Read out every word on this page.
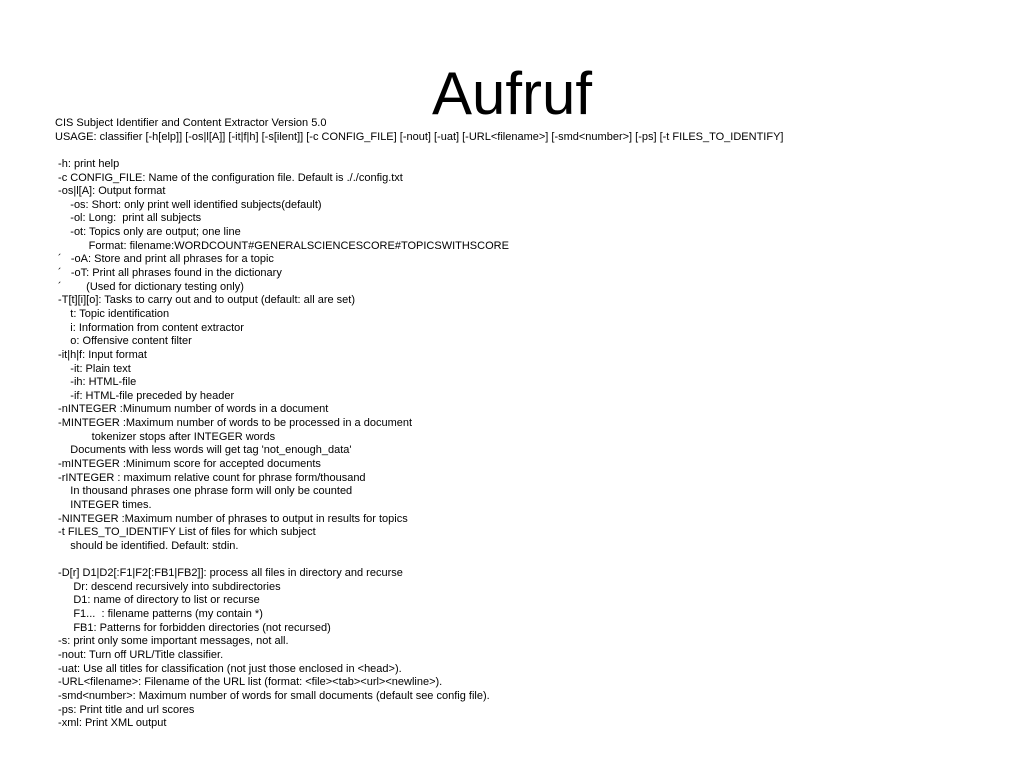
Aufruf
CIS Subject Identifier and Content Extractor Version 5.0
USAGE: classifier [-h[elp]] [-os|l[A]] [-it|f|h] [-s[ilent]] [-c CONFIG_FILE] [-nout] [-uat] [-URL<filename>] [-smd<number>] [-ps] [-t FILES_TO_IDENTIFY]
-h: print help
-c CONFIG_FILE: Name of the configuration file. Default is ././config.txt
-os|l[A]: Output format
-os: Short: only print well identified subjects(default)
-ol: Long:  print all subjects
-ot: Topics only are output; one line
Format: filename:WORDCOUNT#GENERALSCIENCESCORE#TOPICSWITHSCORE
´   -oA: Store and print all phrases for a topic
´   -oT: Print all phrases found in the dictionary
´        (Used for dictionary testing only)
-T[t][i][o]: Tasks to carry out and to output (default: all are set)
t: Topic identification
i: Information from content extractor
o: Offensive content filter
-it|h|f: Input format
-it: Plain text
-ih: HTML-file
-if: HTML-file preceded by header
-nINTEGER :Minumum number of words in a document
-MINTEGER :Maximum number of words to be processed in a document
tokenizer stops after INTEGER words
Documents with less words will get tag 'not_enough_data'
-mINTEGER :Minimum score for accepted documents
-rINTEGER : maximum relative count for phrase form/thousand
In thousand phrases one phrase form will only be counted
INTEGER times.
-NINTEGER :Maximum number of phrases to output in results for topics
-t FILES_TO_IDENTIFY List of files for which subject
should be identified. Default: stdin.
-D[r] D1|D2[:F1|F2[:FB1|FB2]]: process all files in directory and recurse
Dr: descend recursively into subdirectories
D1: name of directory to list or recurse
F1...  : filename patterns (my contain *)
FB1: Patterns for forbidden directories (not recursed)
-s: print only some important messages, not all.
-nout: Turn off URL/Title classifier.
-uat: Use all titles for classification (not just those enclosed in <head>).
-URL<filename>: Filename of the URL list (format: <file><tab><url><newline>).
-smd<number>: Maximum number of words for small documents (default see config file).
-ps: Print title and url scores
-xml: Print XML output
